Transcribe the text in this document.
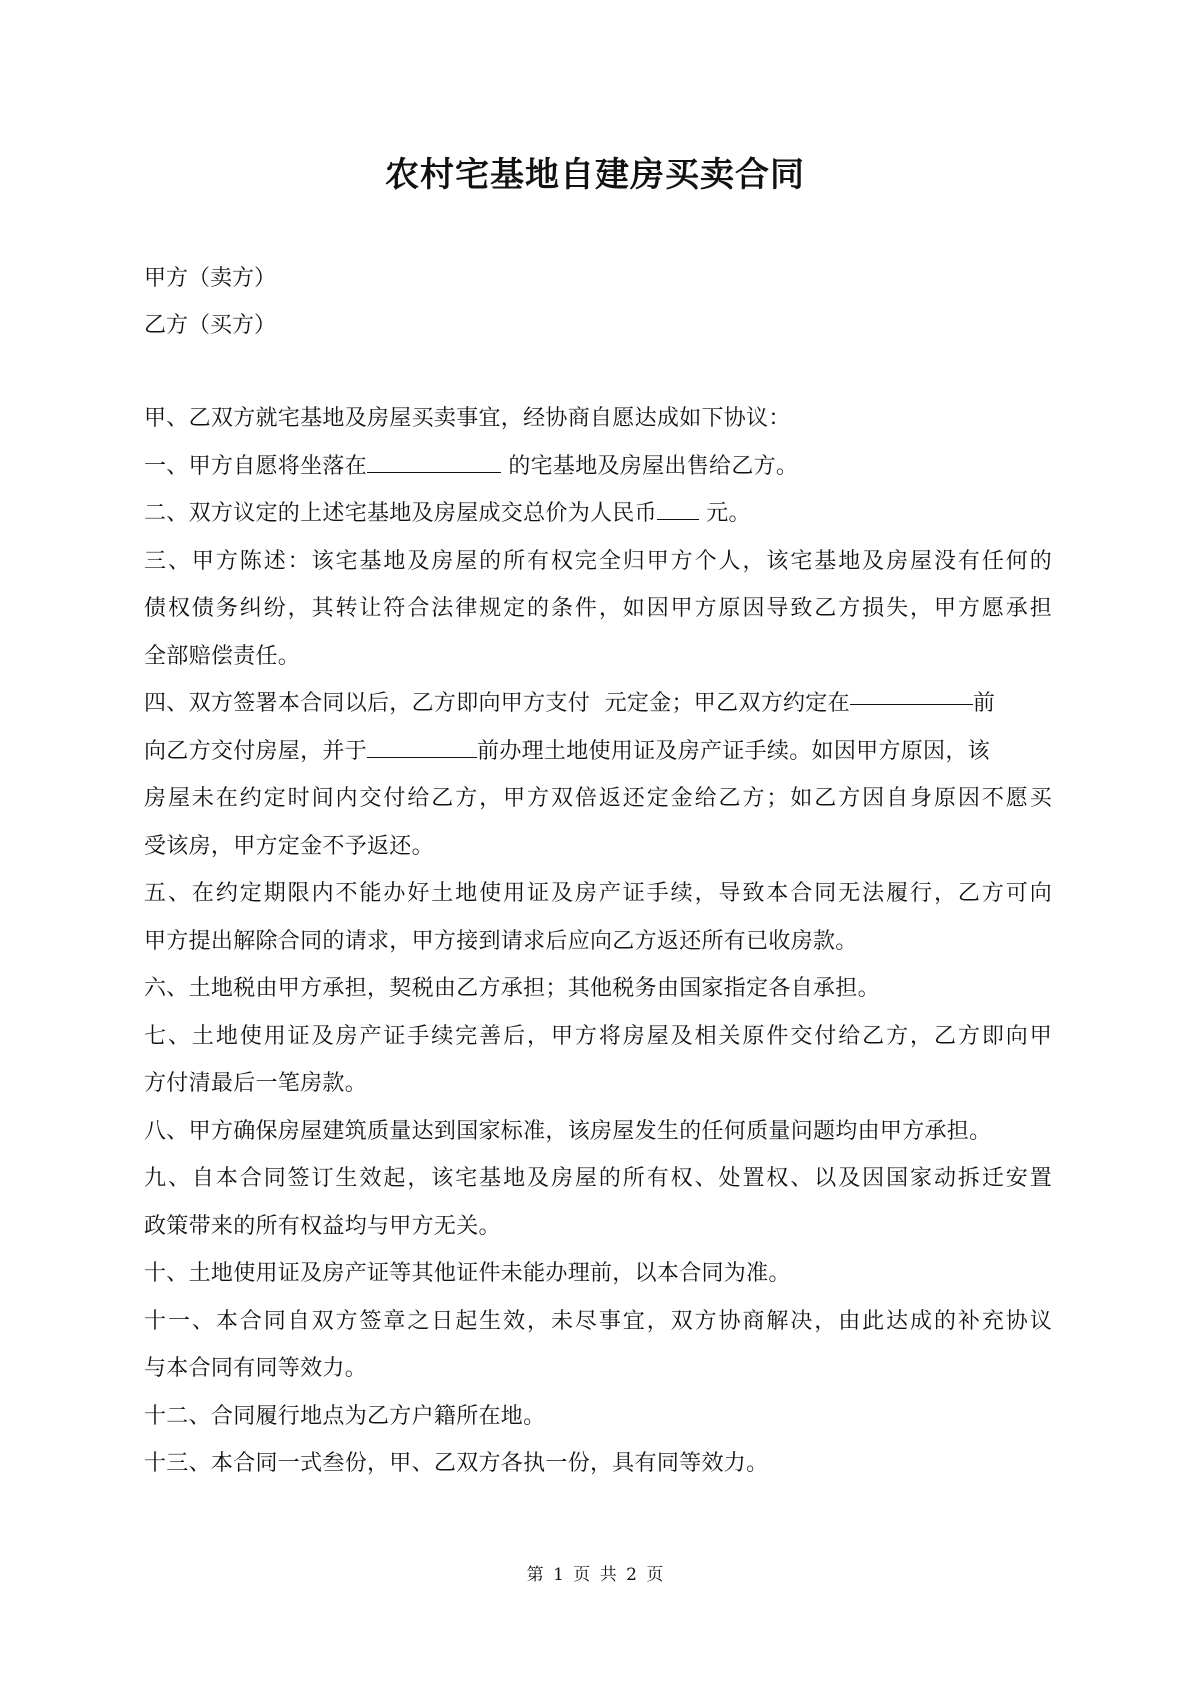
农村宅基地自建房买卖合同
甲方（卖方）
乙方（买方）
甲、乙双方就宅基地及房屋买卖事宜，经协商自愿达成如下协议：
一、甲方自愿将坐落在	的宅基地及房屋出售给乙方。
二、双方议定的上述宅基地及房屋成交总价为人民币 元。
三、甲方陈述：该宅基地及房屋的所有权完全归甲方个人，该宅基地及房屋没有任何的
债权债务纠纷，其转让符合法律规定的条件，如因甲方原因导致乙方损失，甲方愿承担
全部赔偿责任。
四、双方签署本合同以后，乙方即向甲方支付  元定金；甲乙双方约定在	前
向乙方交付房屋，并于	前办理土地使用证及房产证手续。如因甲方原因，该
房屋未在约定时间内交付给乙方，甲方双倍返还定金给乙方；如乙方因自身原因不愿买
受该房，甲方定金不予返还。
五、在约定期限内不能办好土地使用证及房产证手续，导致本合同无法履行，乙方可向
甲方提出解除合同的请求，甲方接到请求后应向乙方返还所有已收房款。
六、土地税由甲方承担，契税由乙方承担；其他税务由国家指定各自承担。
七、土地使用证及房产证手续完善后，甲方将房屋及相关原件交付给乙方，乙方即向甲
方付清最后一笔房款。
八、甲方确保房屋建筑质量达到国家标准，该房屋发生的任何质量问题均由甲方承担。
九、自本合同签订生效起，该宅基地及房屋的所有权、处置权、以及因国家动拆迁安置
政策带来的所有权益均与甲方无关。
十、土地使用证及房产证等其他证件未能办理前，以本合同为准。
十一、本合同自双方签章之日起生效，未尽事宜，双方协商解决，由此达成的补充协议
与本合同有同等效力。
十二、合同履行地点为乙方户籍所在地。
十三、本合同一式叁份，甲、乙双方各执一份，具有同等效力。
第 1 页 共 2 页
